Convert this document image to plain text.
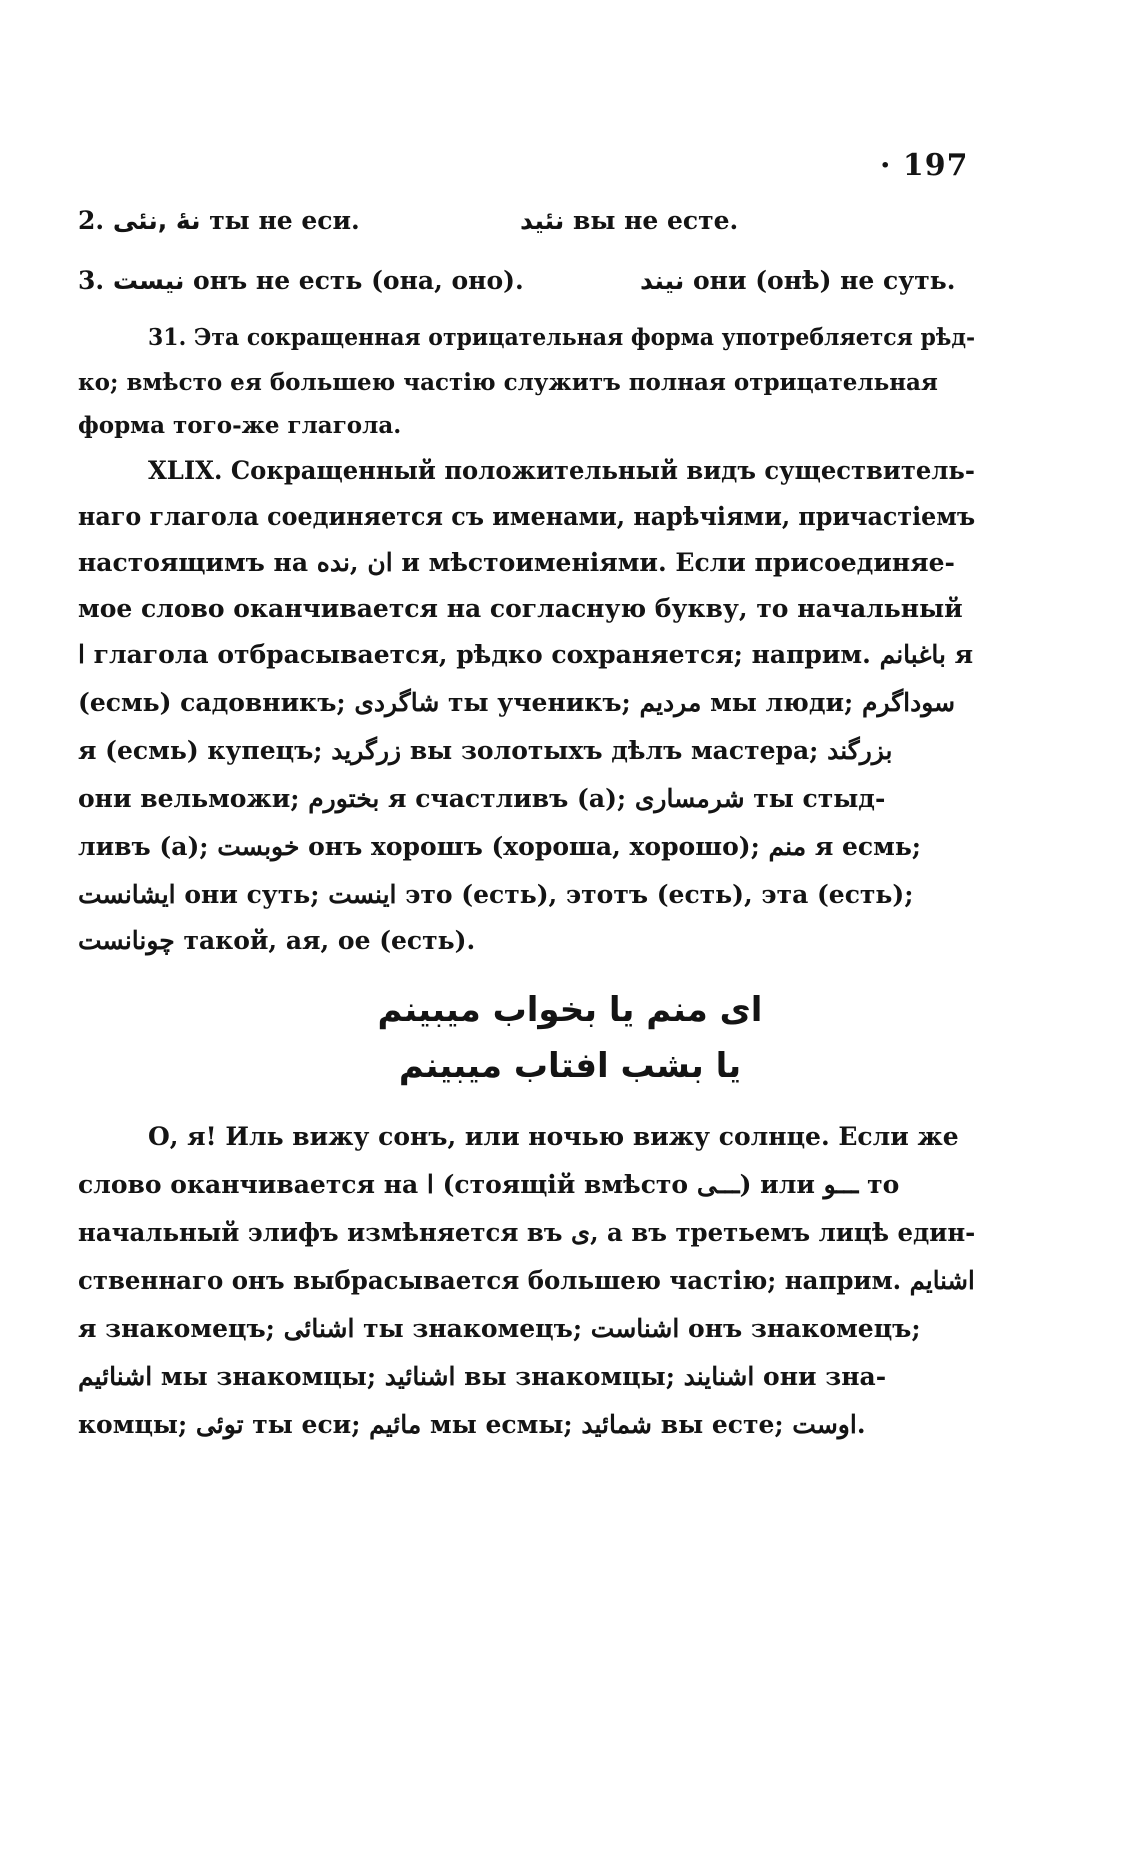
· 197
2. نهٔ ,نئی ты не еси.	نئید вы не есте.
3. نیست онъ не есть (она, оно).	نیند они (онѣ) не суть.
31. Эта сокращенная отрицательная форма употребляется рѣд-
ко; вмѣсто ея большею частію служитъ полная отрицательная
форма того-же глагола.
XLIX. Сокращенный положительный видъ существитель-
наго глагола соединяется съ именами, нарѣчіями, причастіемъ
настоящимъ на ان ,نده и мѣстоименіями. Если присоединяе-
мое слово оканчивается на согласную букву, то начальный
ا глагола отбрасывается, рѣдко сохраняется; наприм. باغبانم я
(есмь) садовникъ; شاگردی ты ученикъ; مردیم мы люди; سوداگرم
я (есмь) купецъ; زرگرید вы золотыхъ дѣлъ мастера; بزرگند
они вельможи; بختورم я счастливъ (а); شرمساری ты стыд-
ливъ (а); خوبست онъ хорошъ (хороша, хорошо); منم я есмь;
ایشانست они суть; اینست это (есть), этотъ (есть), эта (есть);
چونانست такой, ая, ое (есть).
ای منم یا بخواب میبینم
یا بشب افتاب میبینم
О, я! Иль вижу сонъ, или ночью вижу солнце. Если же
слово оканчивается на ا (стоящій вмѣсто ـــی) или ـــو то
начальный элифъ измѣняется въ ی, а въ третьемъ лицѣ един-
ственнаго онъ выбрасывается большею частію; наприм. اشنایم
я знакомецъ; اشنائی ты знакомецъ; اشناست онъ знакомецъ;
اشنائیم мы знакомцы; اشنائید вы знакомцы; اشنایند они зна-
комцы; توئی ты еси; مائیم мы есмы; شمائید вы есте; اوست.
